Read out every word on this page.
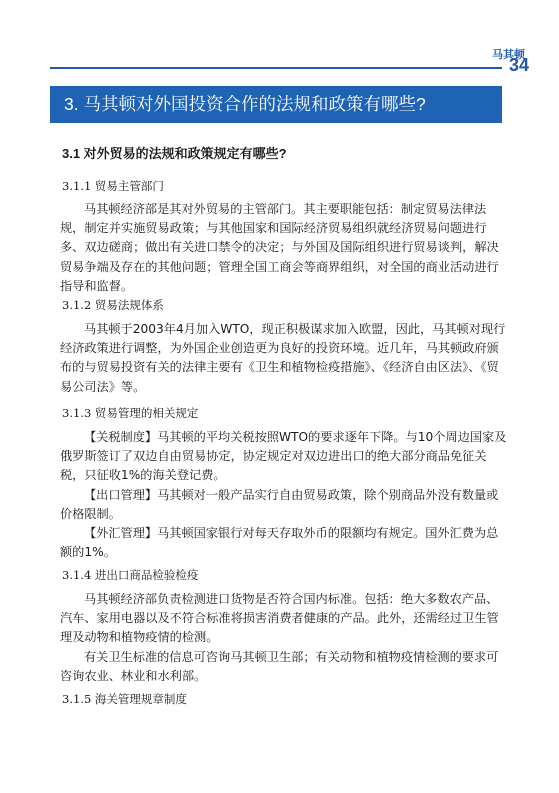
马其顿
34
3. 马其顿对外国投资合作的法规和政策有哪些?
3.1 对外贸易的法规和政策规定有哪些?
3.1.1 贸易主管部门
马其顿经济部是其对外贸易的主管部门。其主要职能包括：制定贸易法律法规，制定并实施贸易政策；与其他国家和国际经济贸易组织就经济贸易问题进行多、双边磋商；做出有关进口禁令的决定；与外国及国际组织进行贸易谈判，解决贸易争端及存在的其他问题；管理全国工商会等商界组织，对全国的商业活动进行指导和监督。
3.1.2 贸易法规体系
马其顿于2003年4月加入WTO，现正积极谋求加入欧盟，因此，马其顿对现行经济政策进行调整，为外国企业创造更为良好的投资环境。近几年，马其顿政府颁布的与贸易投资有关的法律主要有《卫生和植物检疫措施》、《经济自由区法》、《贸易公司法》等。
3.1.3 贸易管理的相关规定
【关税制度】马其顿的平均关税按照WTO的要求逐年下降。与10个周边国家及俄罗斯签订了双边自由贸易协定，协定规定对双边进出口的绝大部分商品免征关税，只征收1%的海关登记费。
【出口管理】马其顿对一般产品实行自由贸易政策，除个别商品外没有数量或价格限制。
【外汇管理】马其顿国家银行对每天存取外币的限额均有规定。国外汇费为总额的1%。
3.1.4 进出口商品检验检疫
马其顿经济部负责检测进口货物是否符合国内标准。包括：绝大多数农产品、汽车、家用电器以及不符合标准将损害消费者健康的产品。此外，还需经过卫生管理及动物和植物疫情的检测。
有关卫生标准的信息可咨询马其顿卫生部；有关动物和植物疫情检测的要求可咨询农业、林业和水利部。
3.1.5 海关管理规章制度
